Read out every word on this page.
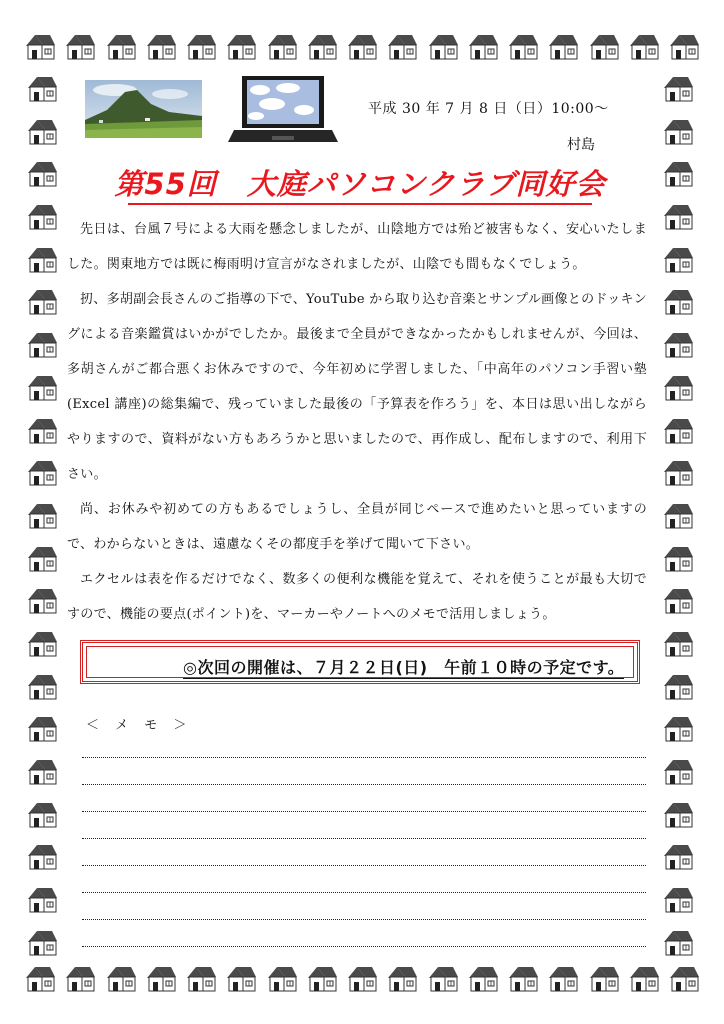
平成 30 年 7 月 8 日（日）10:00～
村島
第55回　大庭パソコンクラブ同好会

先日は、台風７号による大雨を懸念しましたが、山陰地方では殆ど被害もなく、安心いたしました。関東地方では既に梅雨明け宣言がなされましたが、山陰でも間もなくでしょう。

扨、多胡副会長さんのご指導の下で、YouTube から取り込む音楽とサンプル画像とのドッキングによる音楽鑑賞はいかがでしたか。最後まで全員ができなかったかもしれませんが、今回は、多胡さんがご都合悪くお休みですので、今年初めに学習しました、「中高年のパソコン手習い塾(Excel 講座)の総集編で、残っていました最後の「予算表を作ろう」を、本日は思い出しながらやりますので、資料がない方もあろうかと思いましたので、再作成し、配布しますので、利用下さい。

尚、お休みや初めての方もあるでしょうし、全員が同じペースで進めたいと思っていますので、わからないときは、遠慮なくその都度手を挙げて聞いて下さい。

エクセルは表を作るだけでなく、数多くの便利な機能を覚えて、それを使うことが最も大切ですので、機能の要点(ポイント)を、マーカーやノートへのメモで活用しましょう。

◎次回の開催は、７月２２日(日)　午前１０時の予定です。
＜ メ モ ＞
